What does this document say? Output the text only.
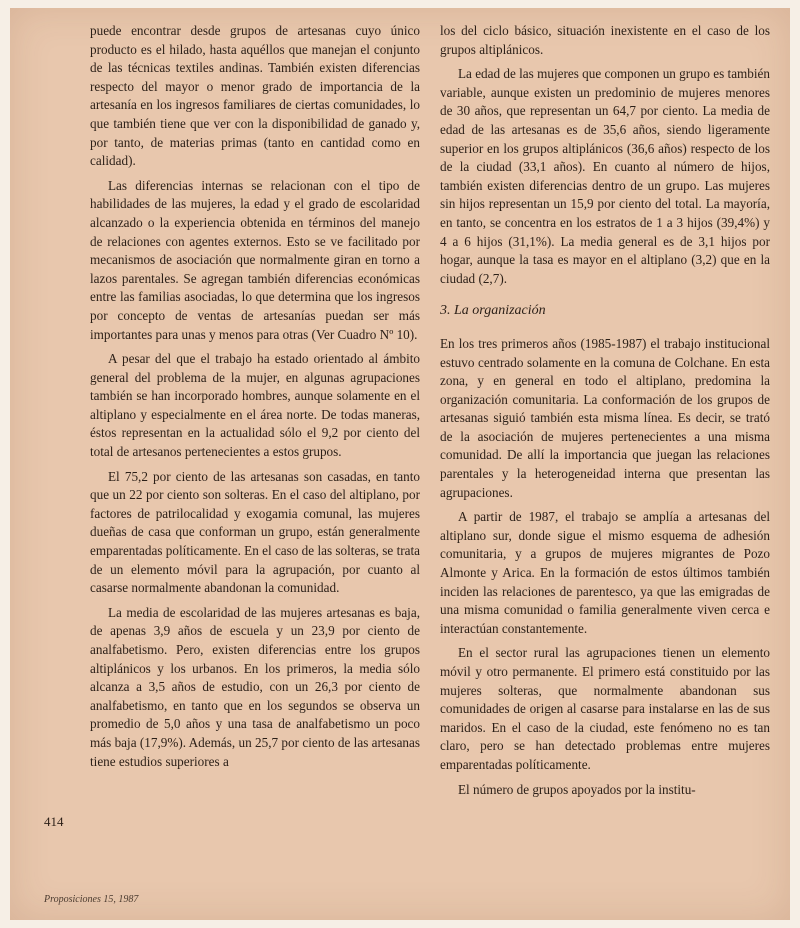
puede encontrar desde grupos de artesanas cuyo único producto es el hilado, hasta aquéllos que manejan el conjunto de las técnicas textiles andinas. También existen diferencias respecto del mayor o menor grado de importancia de la artesanía en los ingresos familiares de ciertas comunidades, lo que también tiene que ver con la disponibilidad de ganado y, por tanto, de materias primas (tanto en cantidad como en calidad).

Las diferencias internas se relacionan con el tipo de habilidades de las mujeres, la edad y el grado de escolaridad alcanzado o la experiencia obtenida en términos del manejo de relaciones con agentes externos. Esto se ve facilitado por mecanismos de asociación que normalmente giran en torno a lazos parentales. Se agregan también diferencias económicas entre las familias asociadas, lo que determina que los ingresos por concepto de ventas de artesanías puedan ser más importantes para unas y menos para otras (Ver Cuadro Nº 10).

A pesar del que el trabajo ha estado orientado al ámbito general del problema de la mujer, en algunas agrupaciones también se han incorporado hombres, aunque solamente en el altiplano y especialmente en el área norte. De todas maneras, éstos representan en la actualidad sólo el 9,2 por ciento del total de artesanos pertenecientes a estos grupos.

El 75,2 por ciento de las artesanas son casadas, en tanto que un 22 por ciento son solteras. En el caso del altiplano, por factores de patrilocalidad y exogamia comunal, las mujeres dueñas de casa que conforman un grupo, están generalmente emparentadas políticamente. En el caso de las solteras, se trata de un elemento móvil para la agrupación, por cuanto al casarse normalmente abandonan la comunidad.

La media de escolaridad de las mujeres artesanas es baja, de apenas 3,9 años de escuela y un 23,9 por ciento de analfabetismo. Pero, existen diferencias entre los grupos altiplánicos y los urbanos. En los primeros, la media sólo alcanza a 3,5 años de estudio, con un 26,3 por ciento de analfabetismo, en tanto que en los segundos se observa un promedio de 5,0 años y una tasa de analfabetismo un poco más baja (17,9%). Además, un 25,7 por ciento de las artesanas tiene estudios superiores a

los del ciclo básico, situación inexistente en el caso de los grupos altiplánicos.

La edad de las mujeres que componen un grupo es también variable, aunque existen un predominio de mujeres menores de 30 años, que representan un 64,7 por ciento. La media de edad de las artesanas es de 35,6 años, siendo ligeramente superior en los grupos altiplánicos (36,6 años) respecto de los de la ciudad (33,1 años). En cuanto al número de hijos, también existen diferencias dentro de un grupo. Las mujeres sin hijos representan un 15,9 por ciento del total. La mayoría, en tanto, se concentra en los estratos de 1 a 3 hijos (39,4%) y 4 a 6 hijos (31,1%). La media general es de 3,1 hijos por hogar, aunque la tasa es mayor en el altiplano (3,2) que en la ciudad (2,7).

3. La organización

En los tres primeros años (1985-1987) el trabajo institucional estuvo centrado solamente en la comuna de Colchane. En esta zona, y en general en todo el altiplano, predomina la organización comunitaria. La conformación de los grupos de artesanas siguió también esta misma línea. Es decir, se trató de la asociación de mujeres pertenecientes a una misma comunidad. De allí la importancia que juegan las relaciones parentales y la heterogeneidad interna que presentan las agrupaciones.

A partir de 1987, el trabajo se amplía a artesanas del altiplano sur, donde sigue el mismo esquema de adhesión comunitaria, y a grupos de mujeres migrantes de Pozo Almonte y Arica. En la formación de estos últimos también inciden las relaciones de parentesco, ya que las emigradas de una misma comunidad o familia generalmente viven cerca e interactúan constantemente.

En el sector rural las agrupaciones tienen un elemento móvil y otro permanente. El primero está constituido por las mujeres solteras, que normalmente abandonan sus comunidades de origen al casarse para instalarse en las de sus maridos. En el caso de la ciudad, este fenómeno no es tan claro, pero se han detectado problemas entre mujeres emparentadas políticamente.

El número de grupos apoyados por la institu-

414
Proposiciones 15, 1987
